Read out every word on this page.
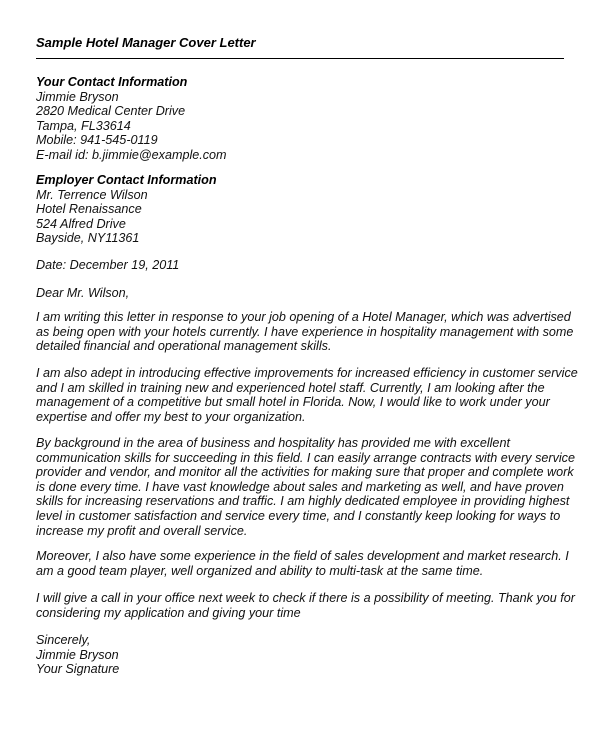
Sample Hotel Manager Cover Letter
Your Contact Information
Jimmie Bryson
2820 Medical Center Drive
Tampa, FL33614
Mobile: 941-545-0119
E-mail id: b.jimmie@example.com
Employer Contact Information
Mr. Terrence Wilson
Hotel Renaissance
524 Alfred Drive
Bayside, NY11361
Date: December 19, 2011
Dear Mr. Wilson,
I am writing this letter in response to your job opening of a Hotel Manager, which was advertised
as being open with your hotels currently. I have experience in hospitality management with some
detailed financial and operational management skills.
I am also adept in introducing effective improvements for increased efficiency in customer service
and I am skilled in training new and experienced hotel staff. Currently, I am looking after the
management of a competitive but small hotel in Florida. Now, I would like to work under your
expertise and offer my best to your organization.
By background in the area of business and hospitality has provided me with excellent
communication skills for succeeding in this field. I can easily arrange contracts with every service
provider and vendor, and monitor all the activities for making sure that proper and complete work
is done every time. I have vast knowledge about sales and marketing as well, and have proven
skills for increasing reservations and traffic. I am highly dedicated employee in providing highest
level in customer satisfaction and service every time, and I constantly keep looking for ways to
increase my profit and overall service.
Moreover, I also have some experience in the field of sales development and market research. I
am a good team player, well organized and ability to multi-task at the same time.
I will give a call in your office next week to check if there is a possibility of meeting. Thank you for
considering my application and giving your time
Sincerely,
Jimmie Bryson
Your Signature
